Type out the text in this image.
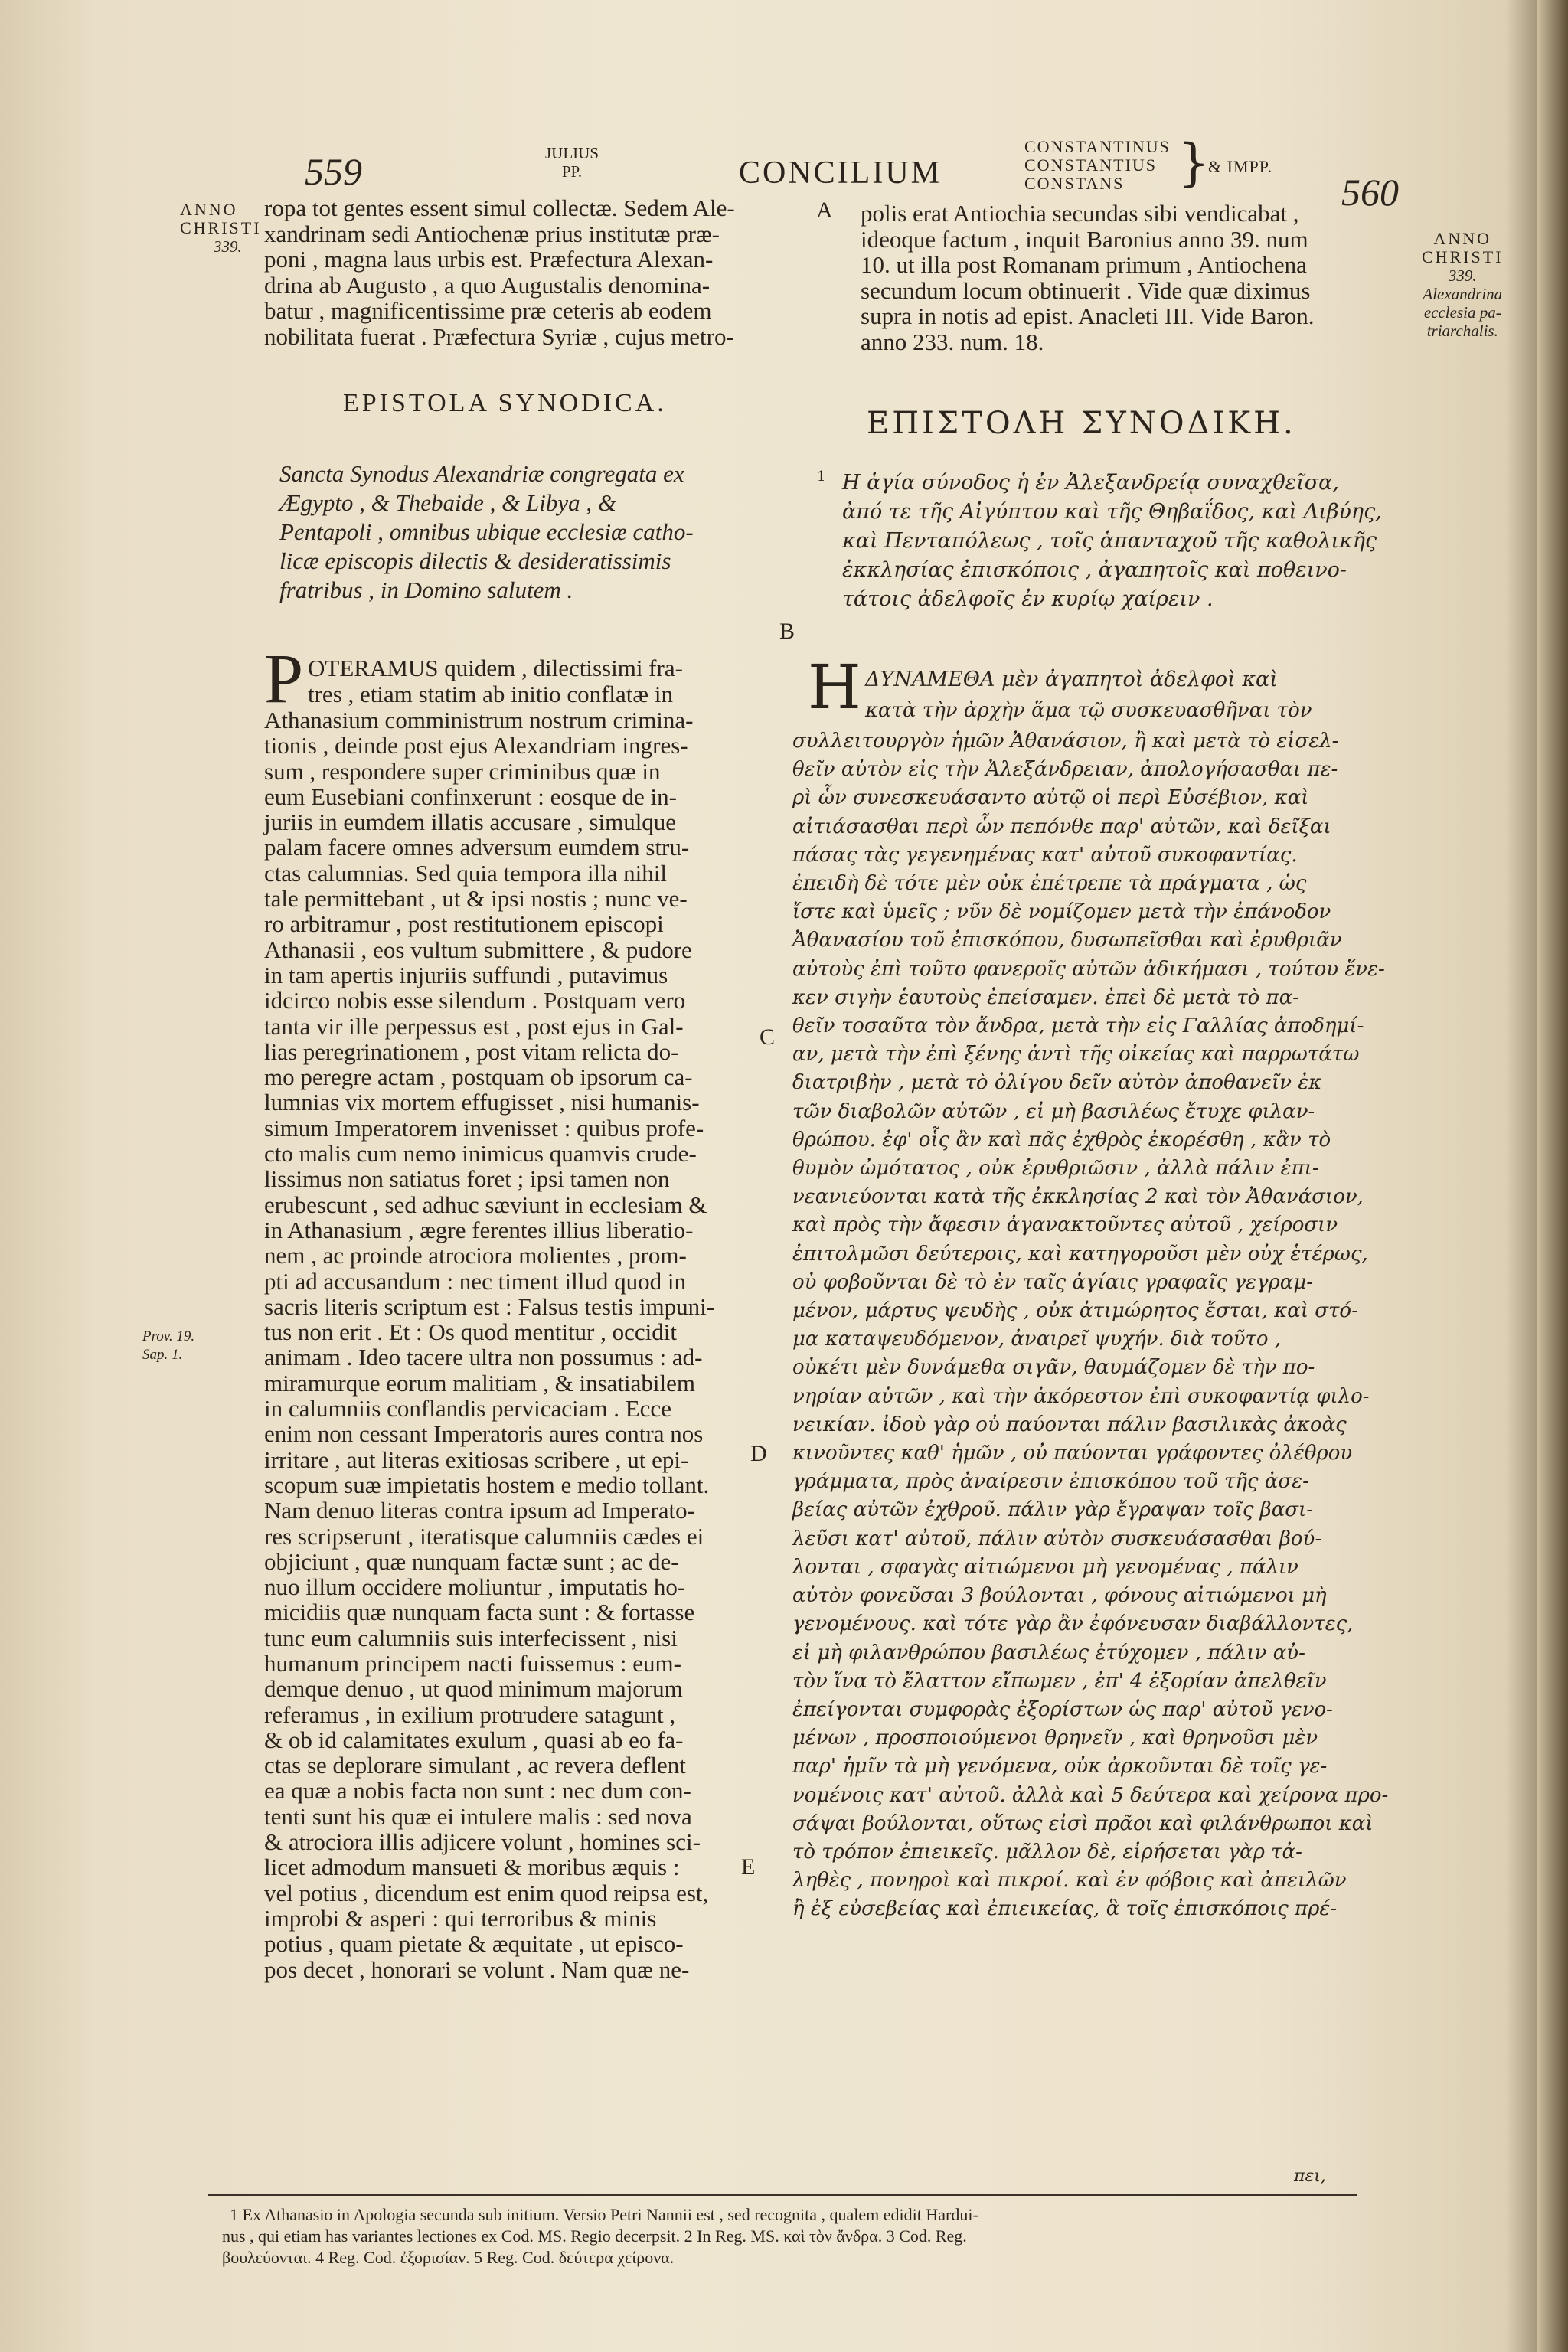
559	JULIUS
PP.	CONCILIUM
CONSTANTINUS
CONSTANTIUS
CONSTANS	}
& IMPP.
560
ANNO
CHRISTI
339.	ANNO
CHRISTI
339.
Alexandrina
ecclesia pa-
triarchalis.
Prov. 19.
Sap. 1.
ropa tot gentes essent simul collectæ. Sedem Ale-
xandrinam sedi Antiochenæ prius institutæ præ-
poni , magna laus urbis est. Præfectura Alexan-
drina ab Augusto , a quo Augustalis denomina-
batur , magnificentissime præ ceteris ab eodem
nobilitata fuerat . Præfectura Syriæ , cujus metro-
A polis erat Antiochia secundas sibi vendicabat ,
ideoque factum , inquit Baronius anno 39. num
10. ut illa post Romanam primum , Antiochena
secundum locum obtinuerit . Vide quæ diximus
supra in notis ad epist. Anacleti III. Vide Baron.
anno 233. num. 18.
EPISTOLA SYNODICA.
ΕΠΙΣΤΟΛΗ ΣΥΝΟΔΙΚΗ.
Sancta Synodus Alexandriæ congregata ex
Ægypto , & Thebaide , & Libya , &
Pentapoli , omnibus ubique ecclesiæ catho-
licæ episcopis dilectis & desideratissimis
fratribus , in Domino salutem .
1 Η ἁγία σύνοδος ἡ ἐν Ἀλεξανδρείᾳ συναχθεῖσα,
ἀπό τε τῆς Αἰγύπτου καὶ τῆς Θηβαΐδος, καὶ Λιβύης,
καὶ Πενταπόλεως , τοῖς ἁπανταχοῦ τῆς καθολικῆς
ἐκκλησίας ἐπισκόποις , ἀγαπητοῖς καὶ ποθεινο-
τάτοις ἀδελφοῖς ἐν κυρίῳ χαίρειν .
B
P OTERAMUS quidem , dilectissimi fra-
tres , etiam statim ab initio conflatæ in
Athanasium comministrum nostrum crimina-
tionis , deinde post ejus Alexandriam ingres-
sum , respondere super criminibus quæ in
eum Eusebiani confinxerunt : eosque de in-
juriis in eumdem illatis accusare , simulque
palam facere omnes adversum eumdem stru-
ctas calumnias. Sed quia tempora illa nihil
tale permittebant , ut & ipsi nostis ; nunc ve-
ro arbitramur , post restitutionem episcopi
Athanasii , eos vultum submittere , & pudore
in tam apertis injuriis suffundi , putavimus
idcirco nobis esse silendum . Postquam vero
tanta vir ille perpessus est , post ejus in Gal-
lias peregrinationem , post vitam relicta do-
mo peregre actam , postquam ob ipsorum ca-
lumnias vix mortem effugisset , nisi humanis-
simum Imperatorem invenisset : quibus profe-
cto malis cum nemo inimicus quamvis crude-
lissimus non satiatus foret ; ipsi tamen non
erubescunt , sed adhuc sæviunt in ecclesiam &
in Athanasium , ægre ferentes illius liberatio-
nem , ac proinde atrociora molientes , prom-
pti ad accusandum : nec timent illud quod in
sacris literis scriptum est : Falsus testis impuni-
tus non erit . Et : Os quod mentitur , occidit
animam . Ideo tacere ultra non possumus : ad-
miramurque eorum malitiam , & insatiabilem
in calumniis conflandis pervicaciam . Ecce
enim non cessant Imperatoris aures contra nos
irritare , aut literas exitiosas scribere , ut epi-
scopum suæ impietatis hostem e medio tollant.
Nam denuo literas contra ipsum ad Imperato-
res scripserunt , iteratisque calumniis cædes ei
objiciunt , quæ nunquam factæ sunt ; ac de-
nuo illum occidere moliuntur , imputatis ho-
micidiis quæ nunquam facta sunt : & fortasse
tunc eum calumniis suis interfecissent , nisi
humanum principem nacti fuissemus : eum-
demque denuo , ut quod minimum majorum
referamus , in exilium protrudere satagunt ,
& ob id calamitates exulum , quasi ab eo fa-
ctas se deplorare simulant , ac revera deflent
ea quæ a nobis facta non sunt : nec dum con-
tenti sunt his quæ ei intulere malis : sed nova
& atrociora illis adjicere volunt , homines sci-
licet admodum mansueti & moribus æquis :
vel potius , dicendum est enim quod reipsa est,
improbi & asperi : qui terroribus & minis
potius , quam pietate & æquitate , ut episco-
pos decet , honorari se volunt . Nam quæ ne-
Η ΔΥΝΑΜΕΘΑ μὲν ἀγαπητοὶ ἀδελφοὶ καὶ
κατὰ τὴν ἀρχὴν ἅμα τῷ συσκευασθῆναι τὸν
συλλειτουργὸν ἡμῶν Ἀθανάσιον, ἢ καὶ μετὰ τὸ εἰσελ-
θεῖν αὐτὸν εἰς τὴν Ἀλεξάνδρειαν, ἀπολογήσασθαι πε-
ρὶ ὧν συνεσκευάσαντο αὐτῷ οἱ περὶ Εὐσέβιον, καὶ
αἰτιάσασθαι περὶ ὧν πεπόνθε παρ' αὐτῶν, καὶ δεῖξαι
πάσας τὰς γεγενημένας κατ' αὐτοῦ συκοφαντίας.
ἐπειδὴ δὲ τότε μὲν οὐκ ἐπέτρεπε τὰ πράγματα , ὡς
ἴστε καὶ ὑμεῖς ; νῦν δὲ νομίζομεν μετὰ τὴν ἐπάνοδον
Ἀθανασίου τοῦ ἐπισκόπου, δυσωπεῖσθαι καὶ ἐρυθριᾶν
αὐτοὺς ἐπὶ τοῦτο φανεροῖς αὐτῶν ἀδικήμασι , τούτου ἕνε-
κεν σιγὴν ἑαυτοὺς ἐπείσαμεν. ἐπεὶ δὲ μετὰ τὸ πα-
θεῖν τοσαῦτα τὸν ἄνδρα, μετὰ τὴν εἰς Γαλλίας ἀποδημί-
αν, μετὰ τὴν ἐπὶ ξένης ἀντὶ τῆς οἰκείας καὶ παρρωτάτω
διατριβὴν , μετὰ τὸ ὀλίγου δεῖν αὐτὸν ἀποθανεῖν ἐκ
τῶν διαβολῶν αὐτῶν , εἰ μὴ βασιλέως ἔτυχε φιλαν-
θρώπου. ἐφ' οἷς ἂν καὶ πᾶς ἐχθρὸς ἐκορέσθη , κἂν τὸ
θυμὸν ὠμότατος , οὐκ ἐρυθριῶσιν , ἀλλὰ πάλιν ἐπι-
νεανιεύονται κατὰ τῆς ἐκκλησίας 2 καὶ τὸν Ἀθανάσιον,
καὶ πρὸς τὴν ἄφεσιν ἀγανακτοῦντες αὐτοῦ , χείροσιν
ἐπιτολμῶσι δεύτεροις, καὶ κατηγοροῦσι μὲν οὐχ ἑτέρως,
οὐ φοβοῦνται δὲ τὸ ἐν ταῖς ἁγίαις γραφαῖς γεγραμ-
μένον, μάρτυς ψευδὴς , οὐκ ἀτιμώρητος ἔσται, καὶ στό-
μα καταψευδόμενον, ἀναιρεῖ ψυχήν. διὰ τοῦτο ,
οὐκέτι μὲν δυνάμεθα σιγᾶν, θαυμάζομεν δὲ τὴν πο-
νηρίαν αὐτῶν , καὶ τὴν ἀκόρεστον ἐπὶ συκοφαντίᾳ φιλο-
νεικίαν. ἰδοὺ γὰρ οὐ παύονται πάλιν βασιλικὰς ἀκοὰς
κινοῦντες καθ' ἡμῶν , οὐ παύονται γράφοντες ὀλέθρου
γράμματα, πρὸς ἀναίρεσιν ἐπισκόπου τοῦ τῆς ἀσε-
βείας αὐτῶν ἐχθροῦ. πάλιν γὰρ ἔγραψαν τοῖς βασι-
λεῦσι κατ' αὐτοῦ, πάλιν αὐτὸν συσκευάσασθαι βού-
λονται , σφαγὰς αἰτιώμενοι μὴ γενομένας , πάλιν
αὐτὸν φονεῦσαι 3 βούλονται , φόνους αἰτιώμενοι μὴ
γενομένους. καὶ τότε γὰρ ἂν ἐφόνευσαν διαβάλλοντες,
εἰ μὴ φιλανθρώπου βασιλέως ἐτύχομεν , πάλιν αὐ-
τὸν ἵνα τὸ ἔλαττον εἴπωμεν , ἐπ' 4 ἐξορίαν ἀπελθεῖν
ἐπείγονται συμφορὰς ἐξορίστων ὡς παρ' αὐτοῦ γενο-
μένων , προσποιούμενοι θρηνεῖν , καὶ θρηνοῦσι μὲν
παρ' ἡμῖν τὰ μὴ γενόμενα, οὐκ ἀρκοῦνται δὲ τοῖς γε-
νομένοις κατ' αὐτοῦ. ἀλλὰ καὶ 5 δεύτερα καὶ χείρονα προ-
σάψαι βούλονται, οὕτως εἰσὶ πρᾶοι καὶ φιλάνθρωποι καὶ
τὸ τρόπον ἐπιεικεῖς. μᾶλλον δὲ, εἰρήσεται γὰρ τἀ-
ληθὲς , πονηροὶ καὶ πικροί. καὶ ἐν φόβοις καὶ ἀπειλῶν
ἢ ἐξ εὐσεβείας καὶ ἐπιεικείας, ἃ τοῖς ἐπισκόποις πρέ-
C
D
E
πει,
1 Ex Athanasio in Apologia secunda sub initium. Versio Petri Nannii est , sed recognita , qualem edidit Hardui-
nus , qui etiam has variantes lectiones ex Cod. MS. Regio decerpsit. 2 In Reg. MS. καὶ τὸν ἄνδρα. 3 Cod. Reg.
βουλεύονται. 4 Reg. Cod. ἐξορισίαν. 5 Reg. Cod. δεύτερα χείρονα.
